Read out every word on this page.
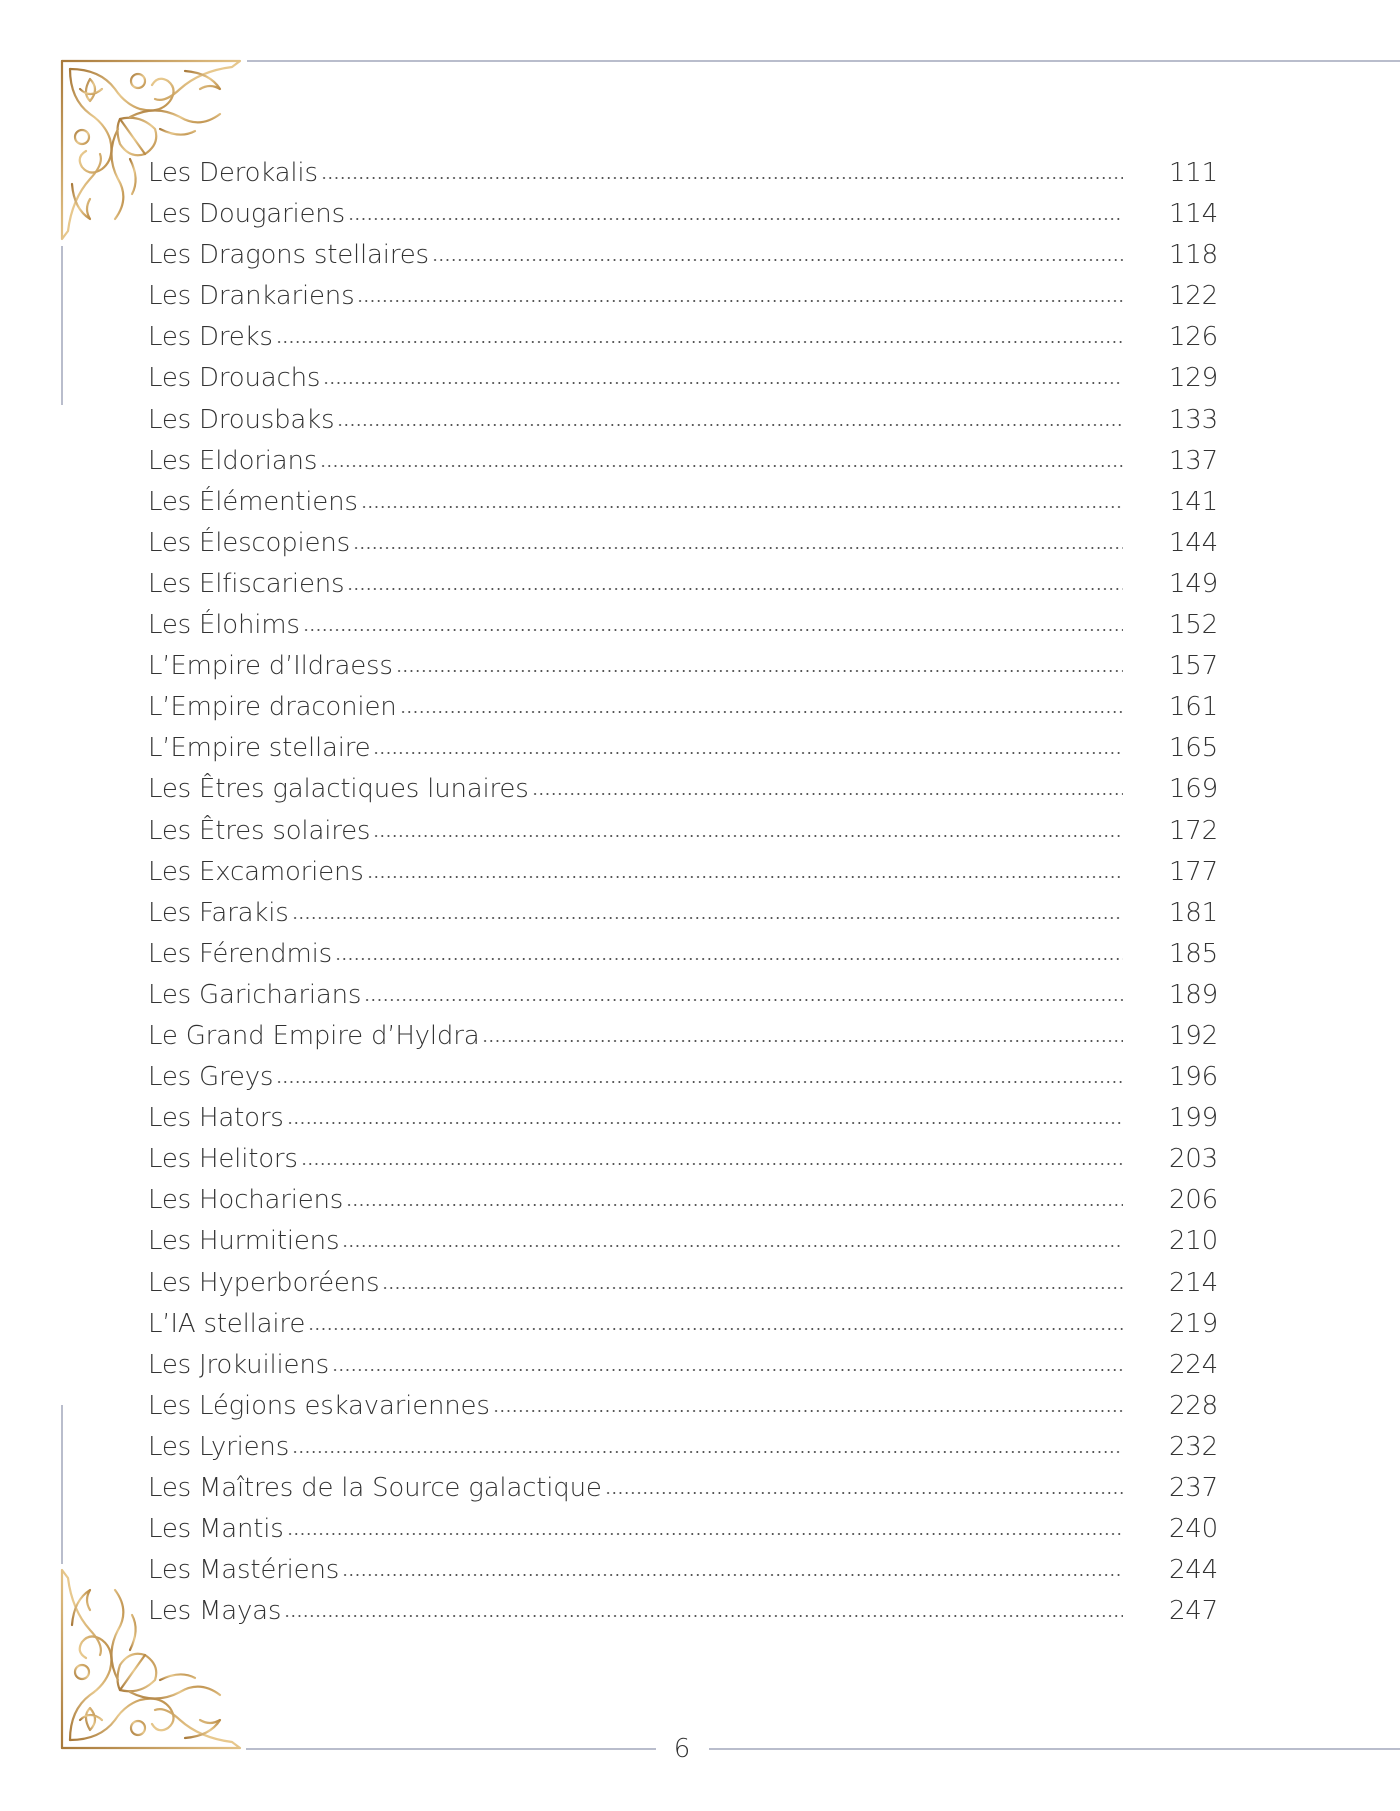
Les Derokalis	111
Les Dougariens	114
Les Dragons stellaires	118
Les Drankariens	122
Les Dreks	126
Les Drouachs	129
Les Drousbaks	133
Les Eldorians	137
Les Élémentiens	141
Les Élescopiens	144
Les Elfiscariens	149
Les Élohims	152
L’Empire d’Ildraess	157
L’Empire draconien	161
L’Empire stellaire	165
Les Êtres galactiques lunaires	169
Les Êtres solaires	172
Les Excamoriens	177
Les Farakis	181
Les Férendmis	185
Les Garicharians	189
Le Grand Empire d’Hyldra	192
Les Greys	196
Les Hators	199
Les Helitors	203
Les Hochariens	206
Les Hurmitiens	210
Les Hyperboréens	214
L’IA stellaire	219
Les Jrokuiliens	224
Les Légions eskavariennes	228
Les Lyriens	232
Les Maîtres de la Source galactique	237
Les Mantis	240
Les Mastériens	244
Les Mayas	247
6
